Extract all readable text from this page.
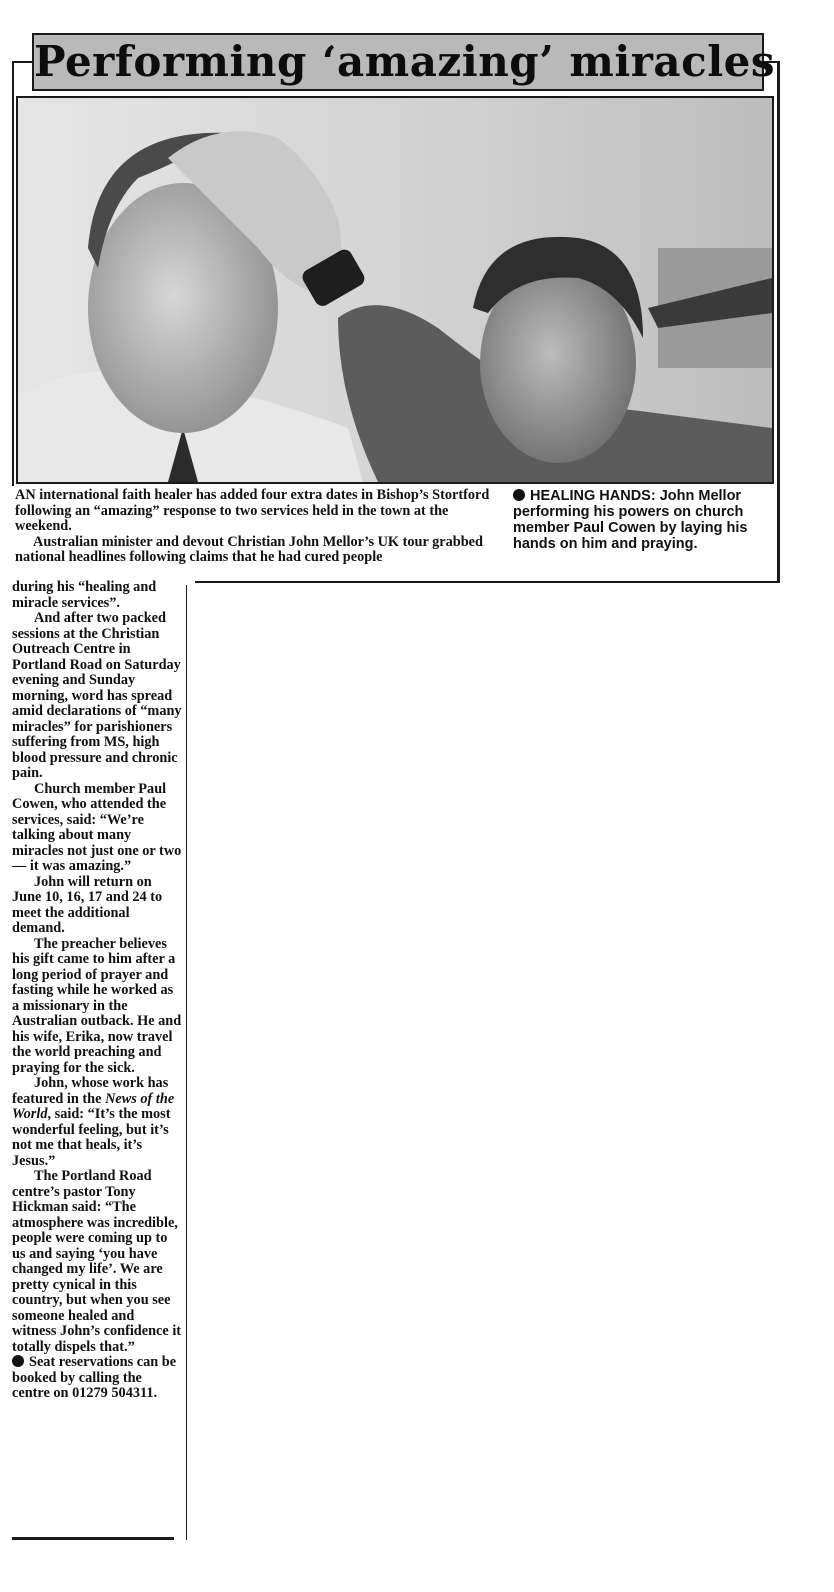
Performing ‘amazing’ miracles

AN international faith healer has added four extra dates in Bishop’s Stortford following an “amazing” response to two services held in the town at the weekend.

Australian minister and devout Christian John Mellor’s UK tour grabbed national headlines following claims that he had cured people

HEALING HANDS: John Mellor performing his powers on church member Paul Cowen by laying his hands on him and praying.

during his “healing and miracle services”.

And after two packed sessions at the Christian Outreach Centre in Portland Road on Saturday evening and Sunday morning, word has spread amid declarations of “many miracles” for parishioners suffering from MS, high blood pressure and chronic pain.

Church member Paul Cowen, who attended the services, said: “We’re talking about many miracles not just one or two — it was amazing.”

John will return on June 10, 16, 17 and 24 to meet the additional demand.

The preacher believes his gift came to him after a long period of prayer and fasting while he worked as a missionary in the Australian outback. He and his wife, Erika, now travel the world preaching and praying for the sick.

John, whose work has featured in the News of the World, said: “It’s the most wonderful feeling, but it’s not me that heals, it’s Jesus.”

The Portland Road centre’s pastor Tony Hickman said: “The atmosphere was incredible, people were coming up to us and saying ‘you have changed my life’. We are pretty cynical in this country, but when you see someone healed and witness John’s confidence it totally dispels that.”

Seat reservations can be booked by calling the centre on 01279 504311.
